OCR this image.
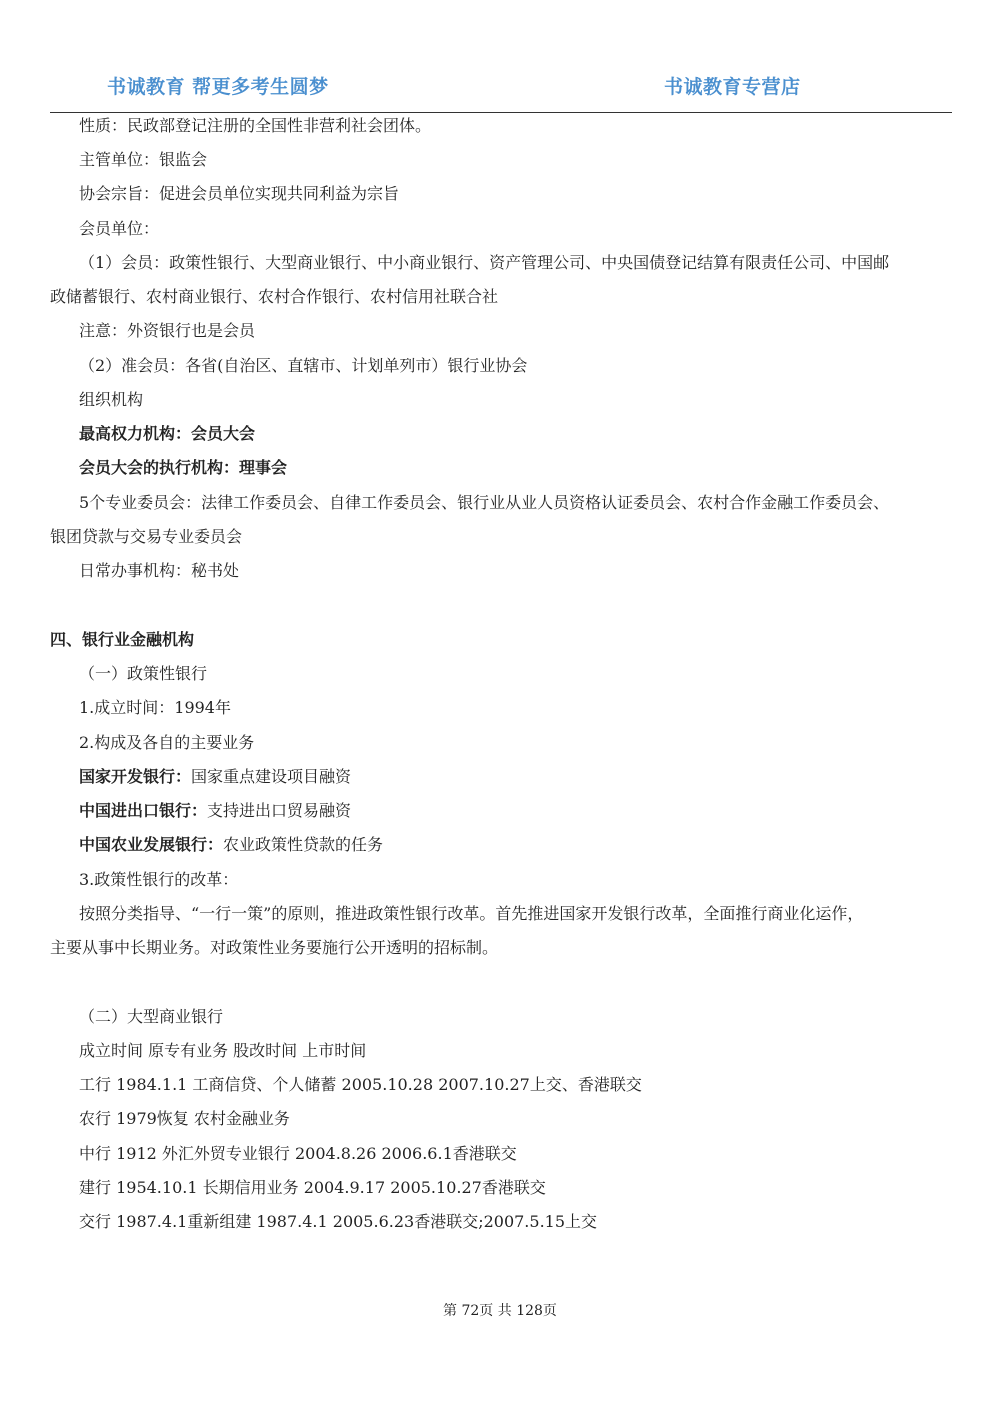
书诚教育 帮更多考生圆梦	书诚教育专营店
性质：民政部登记注册的全国性非营利社会团体。
主管单位：银监会
协会宗旨：促进会员单位实现共同利益为宗旨
会员单位：
（1）会员：政策性银行、大型商业银行、中小商业银行、资产管理公司、中央国债登记结算有限责任公司、中国邮
政储蓄银行、农村商业银行、农村合作银行、农村信用社联合社
注意：外资银行也是会员
（2）准会员：各省(自治区、直辖市、计划单列市）银行业协会
组织机构
最高权力机构：会员大会
会员大会的执行机构：理事会
5个专业委员会：法律工作委员会、自律工作委员会、银行业从业人员资格认证委员会、农村合作金融工作委员会、
银团贷款与交易专业委员会
日常办事机构：秘书处
四、银行业金融机构
（一）政策性银行
1.成立时间：1994年
2.构成及各自的主要业务
国家开发银行：国家重点建设项目融资
中国进出口银行：支持进出口贸易融资
中国农业发展银行：农业政策性贷款的任务
3.政策性银行的改革：
按照分类指导、“一行一策”的原则，推进政策性银行改革。首先推进国家开发银行改革，全面推行商业化运作，
主要从事中长期业务。对政策性业务要施行公开透明的招标制。
（二）大型商业银行
成立时间 原专有业务 股改时间 上市时间
工行 1984.1.1 工商信贷、个人储蓄 2005.10.28 2007.10.27上交、香港联交
农行 1979恢复 农村金融业务
中行 1912 外汇外贸专业银行 2004.8.26 2006.6.1香港联交
建行 1954.10.1 长期信用业务 2004.9.17 2005.10.27香港联交
交行 1987.4.1重新组建 1987.4.1 2005.6.23香港联交;2007.5.15上交
第 72页 共 128页
